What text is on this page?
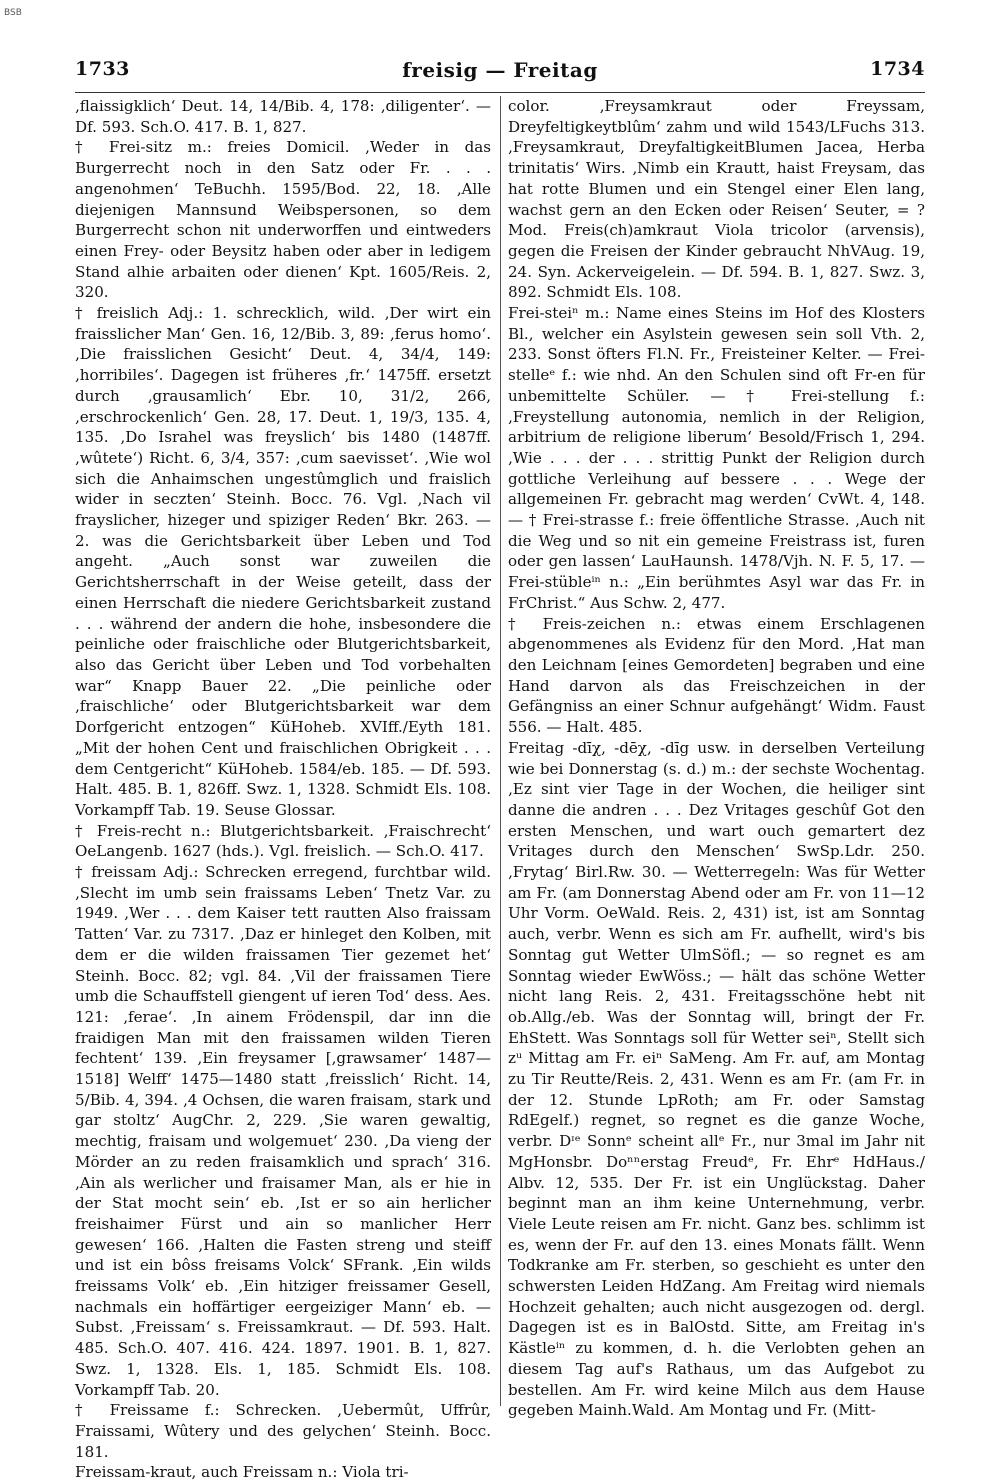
BSB
1733	freisig — Freitag	1734

‚flaissigklich‘ Deut. 14, 14/Bib. 4, 178: ‚diligenter‘. — Df. 593. Sch.O. 417. B. 1, 827.

† Frei-sitz m.: freies Domicil. ‚Weder in das Burgerrecht noch in den Satz oder Fr. . . . angenohmen‘ TeBuchh. 1595/Bod. 22, 18. ‚Alle diejenigen Mannsund Weibspersonen, so dem Burgerrecht schon nit underworffen und eintweders einen Frey- oder Beysitz haben oder aber in ledigem Stand alhie arbaiten oder dienen‘ Kpt. 1605/Reis. 2, 320.

† freislich Adj.: 1. schrecklich, wild. ‚Der wirt ein fraisslicher Man‘ Gen. 16, 12/Bib. 3, 89: ‚ferus homo‘. ‚Die fraisslichen Gesicht‘ Deut. 4, 34/4, 149: ‚horribiles‘. Dagegen ist früheres ‚fr.‘ 1475ff. ersetzt durch ‚grausamlich‘ Ebr. 10, 31/2, 266, ‚erschrockenlich‘ Gen. 28, 17. Deut. 1, 19/3, 135. 4, 135. ‚Do Israhel was freyslich‘ bis 1480 (1487ff. ‚wûtete‘) Richt. 6, 3/4, 357: ‚cum saevisset‘. ‚Wie wol sich die Anhaimschen ungestûmglich und fraislich wider in seczten‘ Steinh. Bocc. 76. Vgl. ‚Nach vil frayslicher, hizeger und spiziger Reden‘ Bkr. 263. — 2. was die Gerichtsbarkeit über Leben und Tod angeht. „Auch sonst war zuweilen die Gerichtsherrschaft in der Weise geteilt, dass der einen Herrschaft die niedere Gerichtsbarkeit zustand . . . während der andern die hohe, insbesondere die peinliche oder fraischliche oder Blutgerichtsbarkeit, also das Gericht über Leben und Tod vorbehalten war“ Knapp Bauer 22. „Die peinliche oder ‚fraischliche‘ oder Blutgerichtsbarkeit war dem Dorfgericht entzogen“ KüHoheb. XVIff./Eyth 181. „Mit der hohen Cent und fraischlichen Obrigkeit . . . dem Centgericht“ KüHoheb. 1584/eb. 185. — Df. 593. Halt. 485. B. 1, 826ff. Swz. 1, 1328. Schmidt Els. 108. Vorkampff Tab. 19. Seuse Glossar.

† Freis-recht n.: Blutgerichtsbarkeit. ‚Fraischrecht‘ OeLangenb. 1627 (hds.). Vgl. freislich. — Sch.O. 417.

† freissam Adj.: Schrecken erregend, furchtbar wild. ‚Slecht im umb sein fraissams Leben‘ Tnetz Var. zu 1949. ‚Wer . . . dem Kaiser tett rautten Also fraissam Tatten‘ Var. zu 7317. ‚Daz er hinleget den Kolben, mit dem er die wilden fraissamen Tier gezemet het‘ Steinh. Bocc. 82; vgl. 84. ‚Vil der fraissamen Tiere umb die Schauffstell giengent uf ieren Tod‘ dess. Aes. 121: ‚ferae‘. ‚In ainem Frödenspil, dar inn die fraidigen Man mit den fraissamen wilden Tieren fechtent‘ 139. ‚Ein freysamer [,grawsamer‘ 1487—1518] Welff‘ 1475—1480 statt ‚freisslich‘ Richt. 14, 5/Bib. 4, 394. ‚4 Ochsen, die waren fraisam, stark und gar stoltz‘ AugChr. 2, 229. ‚Sie waren gewaltig, mechtig, fraisam und wolgemuet‘ 230. ‚Da vieng der Mörder an zu reden fraisamklich und sprach‘ 316. ‚Ain als werlicher und fraisamer Man, als er hie in der Stat mocht sein‘ eb. ‚Ist er so ain herlicher freishaimer Fürst und ain so manlicher Herr gewesen‘ 166. ‚Halten die Fasten streng und steiff und ist ein bôss freisams Volck‘ SFrank. ‚Ein wilds freissams Volk‘ eb. ‚Ein hitziger freissamer Gesell, nachmals ein hoffärtiger eergeiziger Mann‘ eb. — Subst. ‚Freissam‘ s. Freissamkraut. — Df. 593. Halt. 485. Sch.O. 407. 416. 424. 1897. 1901. B. 1, 827. Swz. 1, 1328. Els. 1, 185. Schmidt Els. 108. Vorkampff Tab. 20.

† Freissame f.: Schrecken. ‚Uebermût, Uffrûr, Fraissami, Wûtery und des gelychen‘ Steinh. Bocc. 181.

Freissam-kraut, auch Freissam n.: Viola tri-

color. ‚Freysamkraut oder Freyssam, Dreyfeltigkeytblûm‘ zahm und wild 1543/LFuchs 313. ‚Freysamkraut, DreyfaltigkeitBlumen Jacea, Herba trinitatis‘ Wirs. ‚Nimb ein Krautt, haist Freysam, das hat rotte Blumen und ein Stengel einer Elen lang, wachst gern an den Ecken oder Reisen‘ Seuter, = ? Mod. Freis(ch)amkraut Viola tricolor (arvensis), gegen die Freisen der Kinder gebraucht NhVAug. 19, 24. Syn. Ackerveigelein. — Df. 594. B. 1, 827. Swz. 3, 892. Schmidt Els. 108.

Frei-steiⁿ m.: Name eines Steins im Hof des Klosters Bl., welcher ein Asylstein gewesen sein soll Vth. 2, 233. Sonst öfters Fl.N. Fr., Freisteiner Kelter. — Frei-stelleᵉ f.: wie nhd. An den Schulen sind oft Fr-en für unbemittelte Schüler. — † Frei-stellung f.: ‚Freystellung autonomia, nemlich in der Religion, arbitrium de religione liberum‘ Besold/Frisch 1, 294. ‚Wie . . . der . . . strittig Punkt der Religion durch gottliche Verleihung auf bessere . . . Wege der allgemeinen Fr. gebracht mag werden‘ CvWt. 4, 148. — † Frei-strasse f.: freie öffentliche Strasse. ‚Auch nit die Weg und so nit ein gemeine Freistrass ist, furen oder gen lassen‘ LauHaunsh. 1478/Vjh. N. F. 5, 17. — Frei-stübleⁱⁿ n.: „Ein berühmtes Asyl war das Fr. in FrChrist.“ Aus Schw. 2, 477.

† Freis-zeichen n.: etwas einem Erschlagenen abgenommenes als Evidenz für den Mord. ‚Hat man den Leichnam [eines Gemordeten] begraben und eine Hand darvon als das Freischzeichen in der Gefängniss an einer Schnur aufgehängt‘ Widm. Faust 556. — Halt. 485.

Freitag -dīχ, -dēχ, -dīg usw. in derselben Verteilung wie bei Donnerstag (s. d.) m.: der sechste Wochentag. ‚Ez sint vier Tage in der Wochen, die heiliger sint danne die andren . . . Dez Vritages geschûf Got den ersten Menschen, und wart ouch gemartert dez Vritages durch den Menschen‘ SwSp.Ldr. 250. ‚Frytag‘ Birl.Rw. 30. — Wetterregeln: Was für Wetter am Fr. (am Donnerstag Abend oder am Fr. von 11—12 Uhr Vorm. OeWald. Reis. 2, 431) ist, ist am Sonntag auch, verbr. Wenn es sich am Fr. aufhellt, wird's bis Sonntag gut Wetter UlmSöfl.; — so regnet es am Sonntag wieder EwWöss.; — hält das schöne Wetter nicht lang Reis. 2, 431. Freitagsschöne hebt nit ob.Allg./eb. Was der Sonntag will, bringt der Fr. EhStett. Was Sonntags soll für Wetter seiⁿ, Stellt sich zᵘ Mittag am Fr. eiⁿ SaMeng. Am Fr. auf, am Montag zu Tir Reutte/Reis. 2, 431. Wenn es am Fr. (am Fr. in der 12. Stunde LpRoth; am Fr. oder Samstag RdEgelf.) regnet, so regnet es die ganze Woche, verbr. Dᶦᵉ Sonnᵉ scheint allᵉ Fr., nur 3mal im Jahr nit MgHonsbr. Doⁿⁿerstag Freudᵉ, Fr. Ehrᵉ HdHaus./ Albv. 12, 535. Der Fr. ist ein Unglückstag. Daher beginnt man an ihm keine Unternehmung, verbr. Viele Leute reisen am Fr. nicht. Ganz bes. schlimm ist es, wenn der Fr. auf den 13. eines Monats fällt. Wenn Todkranke am Fr. sterben, so geschieht es unter den schwersten Leiden HdZang. Am Freitag wird niemals Hochzeit gehalten; auch nicht ausgezogen od. dergl. Dagegen ist es in BalOstd. Sitte, am Freitag in's Kästleⁱⁿ zu kommen, d. h. die Verlobten gehen an diesem Tag auf's Rathaus, um das Aufgebot zu bestellen. Am Fr. wird keine Milch aus dem Hause gegeben Mainh.Wald. Am Montag und Fr. (Mitt-
